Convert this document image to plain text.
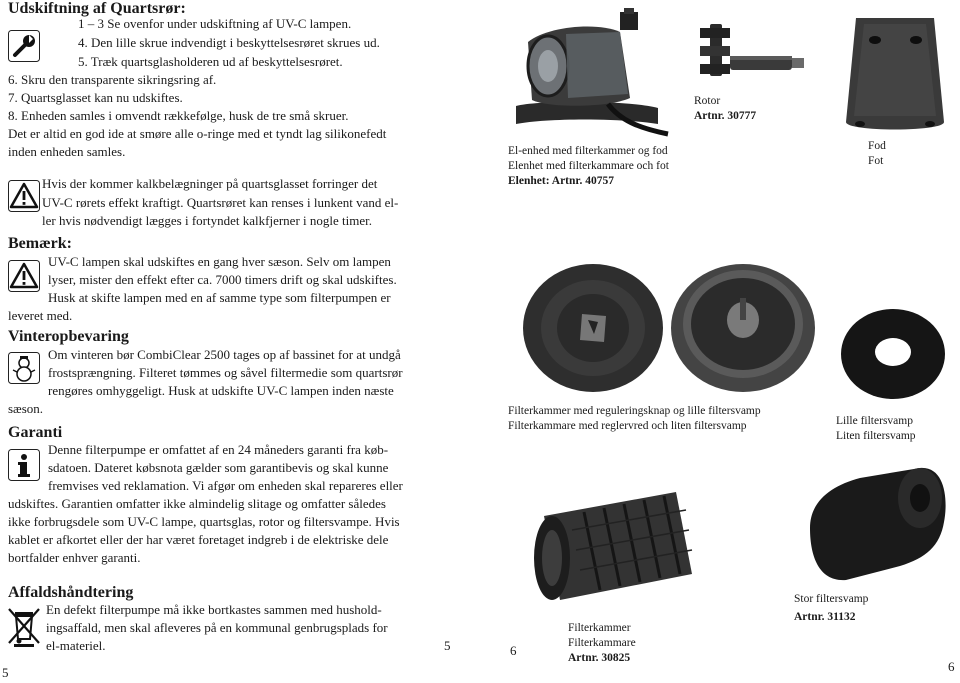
Udskiftning af Quartsrør:
1 – 3 Se ovenfor under udskiftning af UV-C lampen.
4. Den lille skrue indvendigt i beskyttelsesrøret skrues ud.
5. Træk quartsglasholderen ud af beskyttelsesrøret.
6. Skru den transparente sikringsring af.
7. Quartsglasset kan nu udskiftes.
8. Enheden samles i omvendt rækkefølge, husk de tre små skruer.
Det er altid en god ide at smøre alle o-ringe med et tyndt lag silikonefedt
inden enheden samles.
Hvis der kommer kalkbelægninger på quartsglasset forringer det
UV-C rørets effekt kraftigt. Quartsrøret kan renses i lunkent vand el-
ler hvis nødvendigt lægges i fortyndet kalkfjerner i nogle timer.
Bemærk:
UV-C lampen skal udskiftes en gang hver sæson. Selv om lampen
lyser, mister den effekt efter ca. 7000 timers drift og skal udskiftes.
Husk at skifte lampen med en af samme type som filterpumpen er
leveret med.
Vinteropbevaring
Om vinteren bør CombiClear 2500 tages op af bassinet for at undgå
frostsprængning. Filteret tømmes og såvel filtermedie som quartsrør
rengøres omhyggeligt. Husk at udskifte UV-C lampen inden næste
sæson.
Garanti
Denne filterpumpe er omfattet af en 24 måneders garanti fra køb-
sdatoen. Dateret købsnota gælder som garantibevis og skal kunne
fremvises ved reklamation. Vi afgør om enheden skal repareres eller
udskiftes. Garantien omfatter ikke almindelig slitage og omfatter således
ikke forbrugsdele som UV-C lampe, quartsglas, rotor og filtersvampe. Hvis
kablet er afkortet eller der har været foretaget indgreb i de elektriske dele
bortfalder enhver garanti.
Affaldshåndtering
En defekt filterpumpe må ikke bortkastes sammen med hushold-
ingsaffald, men skal afleveres på en kommunal genbrugsplads for
el-materiel.	5
5
El-enhed med filterkammer og fod
Elenhet med filterkammare och fot
Elenhet: Artnr. 40757
Rotor
Artnr. 30777
Fod
Fot
Filterkammer med reguleringsknap og lille filtersvamp
Filterkammare med reglervred och liten filtersvamp	Lille filtersvamp
Liten filtersvamp
Filterkammer
Filterkammare
Artnr. 30825
Stor filtersvamp
Artnr. 31132
6
6
